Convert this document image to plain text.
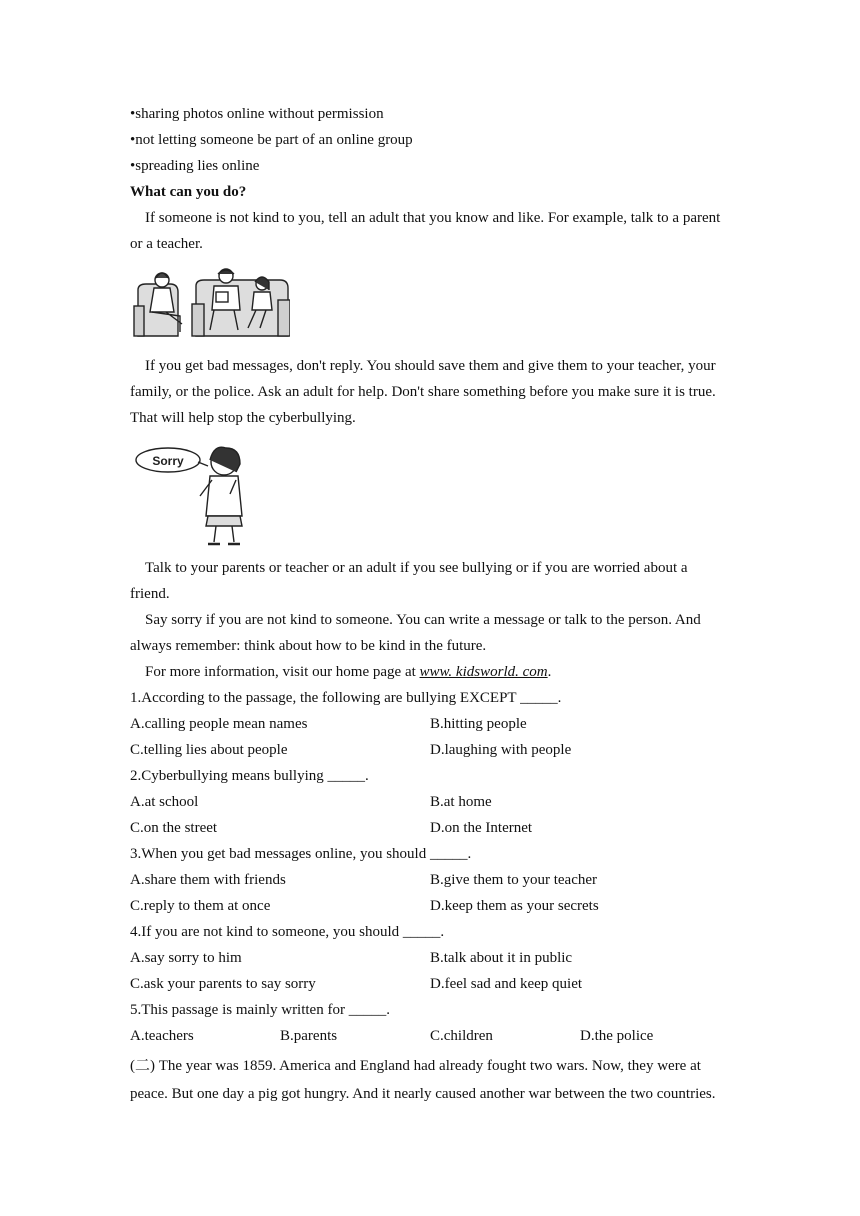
•sharing photos online without permission
•not letting someone be part of an online group
•spreading lies online
What can you do?
If someone is not kind to you, tell an adult that you know and like. For example, talk to a parent
or a teacher.
If you get bad messages, don't reply. You should save them and give them to your teacher, your
family, or the police. Ask an adult for help. Don't share something before you make sure it is true.
That will help stop the cyberbullying.
Sorry
Talk to your parents or teacher or an adult if you see bullying or if you are worried about a
friend.
Say sorry if you are not kind to someone. You can write a message or talk to the person. And
always remember: think about how to be kind in the future.
For more information, visit our home page at www. kidsworld. com.
1.According to the passage, the following are bullying EXCEPT _____.
A.calling people mean names	B.hitting people
C.telling lies about people	D.laughing with people
2.Cyberbullying means bullying _____.
A.at school	B.at home
C.on the street	D.on the Internet
3.When you get bad messages online, you should _____.
A.share them with friends	B.give them to your teacher
C.reply to them at once	D.keep them as your secrets
4.If you are not kind to someone, you should _____.
A.say sorry to him	B.talk about it in public
C.ask your parents to say sorry	D.feel sad and keep quiet
5.This passage is mainly written for _____.
A.teachers	B.parents	C.children	D.the police
(二) The year was 1859. America and England had already fought two wars. Now, they were at
peace. But one day a pig got hungry. And it nearly caused another war between the two countries.
